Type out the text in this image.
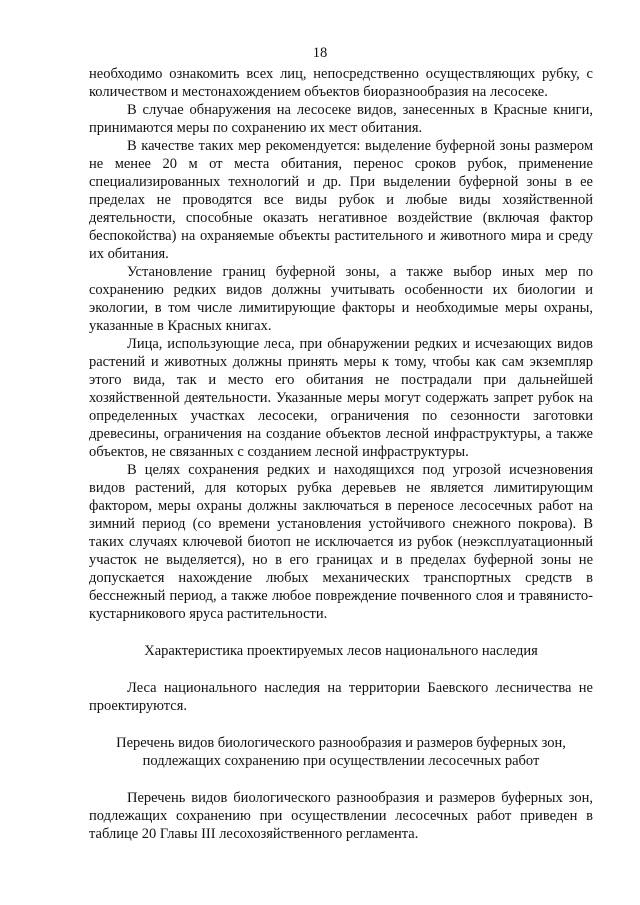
18

необходимо ознакомить всех лиц, непосредственно осуществляющих рубку, с количеством и местонахождением объектов биоразнообразия на лесосеке.

В случае обнаружения на лесосеке видов, занесенных в Красные книги, принимаются меры по сохранению их мест обитания.

В качестве таких мер рекомендуется: выделение буферной зоны размером не менее 20 м от места обитания, перенос сроков рубок, применение специализированных технологий и др. При выделении буферной зоны в ее пределах не проводятся все виды рубок и любые виды хозяйственной деятельности, способные оказать негативное воздействие (включая фактор беспокойства) на охраняемые объекты растительного и животного мира и среду их обитания.

Установление границ буферной зоны, а также выбор иных мер по сохранению редких видов должны учитывать особенности их биологии и экологии, в том числе лимитирующие факторы и необходимые меры охраны, указанные в Красных книгах.

Лица, использующие леса, при обнаружении редких и исчезающих видов растений и животных должны принять меры к тому, чтобы как сам экземпляр этого вида, так и место его обитания не пострадали при дальнейшей хозяйственной деятельности. Указанные меры могут содержать запрет рубок на определенных участках лесосеки, ограничения по сезонности заготовки древесины, ограничения на создание объектов лесной инфраструктуры, а также объектов, не связанных с созданием лесной инфраструктуры.

В целях сохранения редких и находящихся под угрозой исчезновения видов растений, для которых рубка деревьев не является лимитирующим фактором, меры охраны должны заключаться в переносе лесосечных работ на зимний период (со времени установления устойчивого снежного покрова). В таких случаях ключевой биотоп не исключается из рубок (неэксплуатационный участок не выделяется), но в его границах и в пределах буферной зоны не допускается нахождение любых механических транспортных средств в бесснежный период, а также любое повреждение почвенного слоя и травянисто-кустарникового яруса растительности.

Характеристика проектируемых лесов национального наследия

Леса национального наследия на территории Баевского лесничества не проектируются.

Перечень видов биологического разнообразия и размеров буферных зон,
подлежащих сохранению при осуществлении лесосечных работ

Перечень видов биологического разнообразия и размеров буферных зон, подлежащих сохранению при осуществлении лесосечных работ приведен в таблице 20 Главы III лесохозяйственного регламента.
